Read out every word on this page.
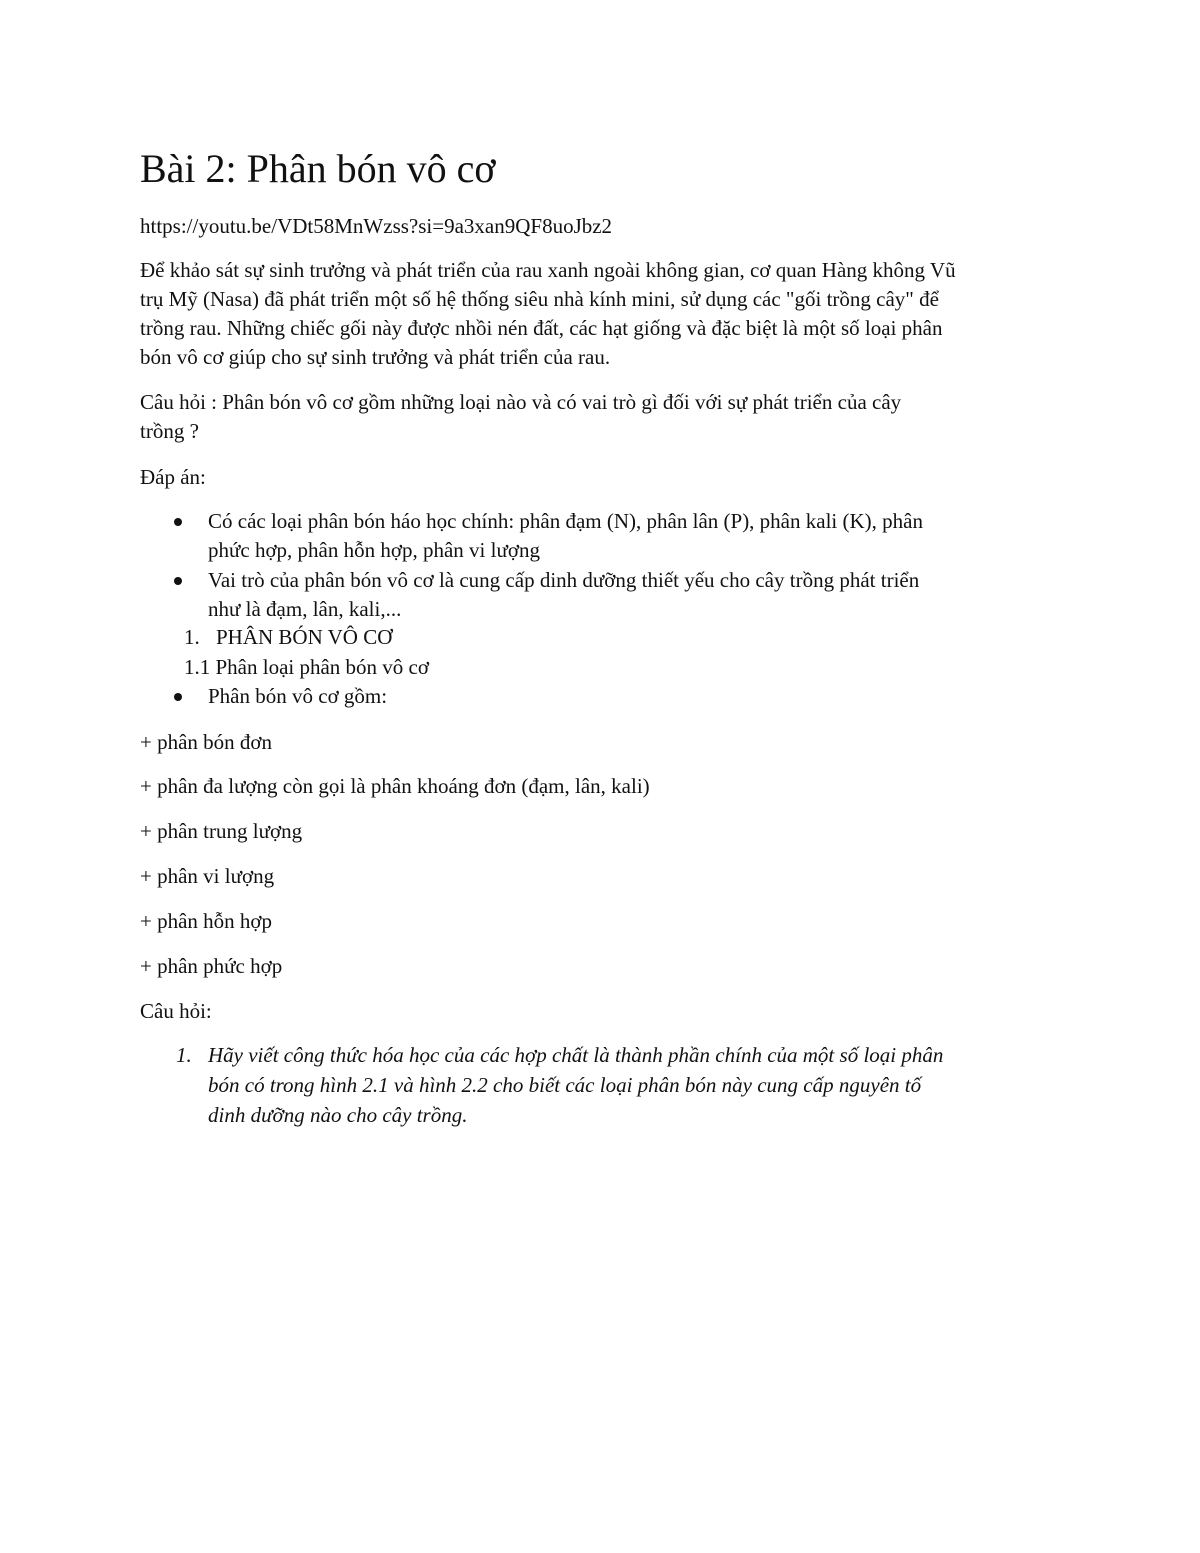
Bài 2: Phân bón vô cơ

https://youtu.be/VDt58MnWzss?si=9a3xan9QF8uoJbz2

Để khảo sát sự sinh trưởng và phát triển của rau xanh ngoài không gian, cơ quan Hàng không Vũ

trụ Mỹ (Nasa) đã phát triển một số hệ thống siêu nhà kính mini, sử dụng các "gối trồng cây" để

trồng rau. Những chiếc gối này được nhồi nén đất, các hạt giống và đặc biệt là một số loại phân

bón vô cơ giúp cho sự sinh trưởng và phát triển của rau.

Câu hỏi : Phân bón vô cơ gồm những loại nào và có vai trò gì đối với sự phát triển của cây

trồng ?

Đáp án:

Có các loại phân bón háo học chính: phân đạm (N), phân lân (P), phân kali (K), phân

phức hợp, phân hỗn hợp, phân vi lượng

Vai trò của phân bón vô cơ là cung cấp dinh dưỡng thiết yếu cho cây trồng phát triển

như là đạm, lân, kali,...

1. PHÂN BÓN VÔ CƠ

1.1 Phân loại phân bón vô cơ

Phân bón vô cơ gồm:

+ phân bón đơn

+ phân đa lượng còn gọi là phân khoáng đơn (đạm, lân, kali)

+ phân trung lượng

+ phân vi lượng

+ phân hỗn hợp

+ phân phức hợp

Câu hỏi:

1. Hãy viết công thức hóa học của các hợp chất là thành phần chính của một số loại phân

bón có trong hình 2.1 và hình 2.2 cho biết các loại phân bón này cung cấp nguyên tố

dinh dưỡng nào cho cây trồng.
